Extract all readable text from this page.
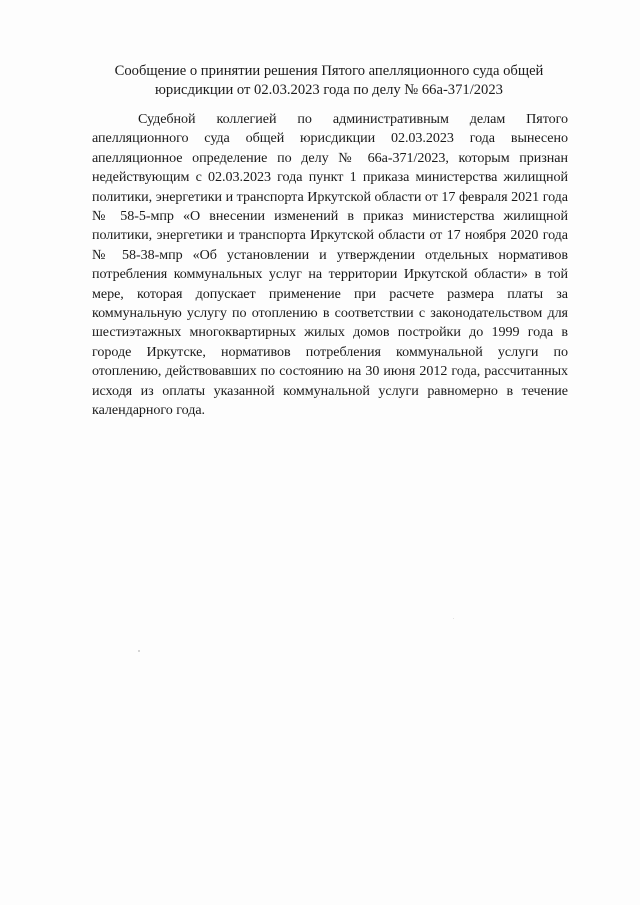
Сообщение о принятии решения Пятого апелляционного суда общей юрисдикции от 02.03.2023 года по делу № 66а-371/2023
Судебной коллегией по административным делам Пятого апелляционного суда общей юрисдикции 02.03.2023 года вынесено апелляционное определение по делу № 66а-371/2023, которым признан недействующим с 02.03.2023 года пункт 1 приказа министерства жилищной политики, энергетики и транспорта Иркутской области от 17 февраля 2021 года № 58-5-мпр «О внесении изменений в приказ министерства жилищной политики, энергетики и транспорта Иркутской области от 17 ноября 2020 года № 58-38-мпр «Об установлении и утверждении отдельных нормативов потребления коммунальных услуг на территории Иркутской области» в той мере, которая допускает применение при расчете размера платы за коммунальную услугу по отоплению в соответствии с законодательством для шестиэтажных многоквартирных жилых домов постройки до 1999 года в городе Иркутске, нормативов потребления коммунальной услуги по отоплению, действовавших по состоянию на 30 июня 2012 года, рассчитанных исходя из оплаты указанной коммунальной услуги равномерно в течение календарного года.
